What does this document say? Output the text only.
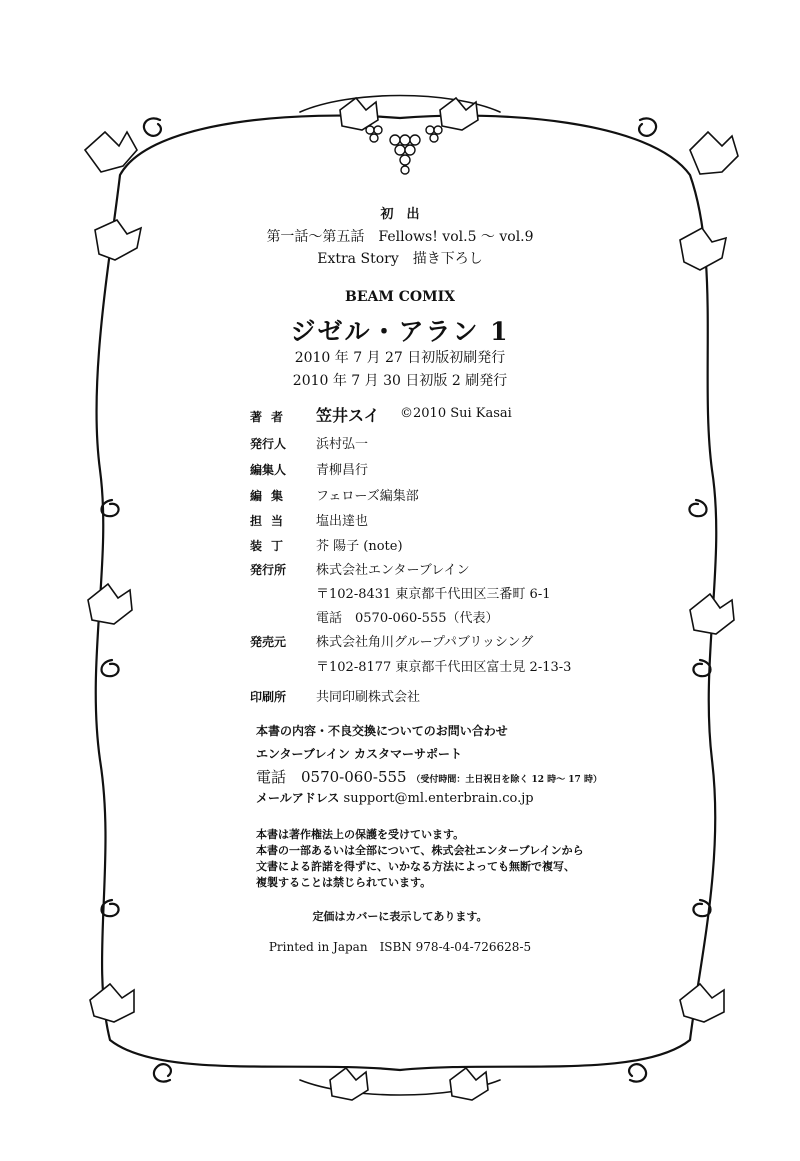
初　出
第一話〜第五話　Fellows! vol.5 〜 vol.9
Extra Story　描き下ろし
BEAM COMIX
ジゼル・アラン 1
2010 年 7 月 27 日初版初刷発行
2010 年 7 月 30 日初版 2 刷発行
著者	笠井スイ ©2010 Sui Kasai
発行人	浜村弘一
編集人	青柳昌行
編集	フェローズ編集部
担当	塩出達也
装丁	芥 陽子 (note)
発行所	株式会社エンターブレイン
〒102-8431 東京都千代田区三番町 6-1
電話　0570-060-555（代表）
発売元	株式会社角川グループパブリッシング
〒102-8177 東京都千代田区富士見 2-13-3
印刷所	共同印刷株式会社
本書の内容・不良交換についてのお問い合わせ
エンターブレイン カスタマーサポート
電話　0570-060-555 （受付時間：土日祝日を除く 12 時〜 17 時）
メールアドレス support@ml.enterbrain.co.jp
本書は著作権法上の保護を受けています。
本書の一部あるいは全部について、株式会社エンターブレインから
文書による許諾を得ずに、いかなる方法によっても無断で複写、
複製することは禁じられています。
定価はカバーに表示してあります。
Printed in Japan　ISBN 978-4-04-726628-5
